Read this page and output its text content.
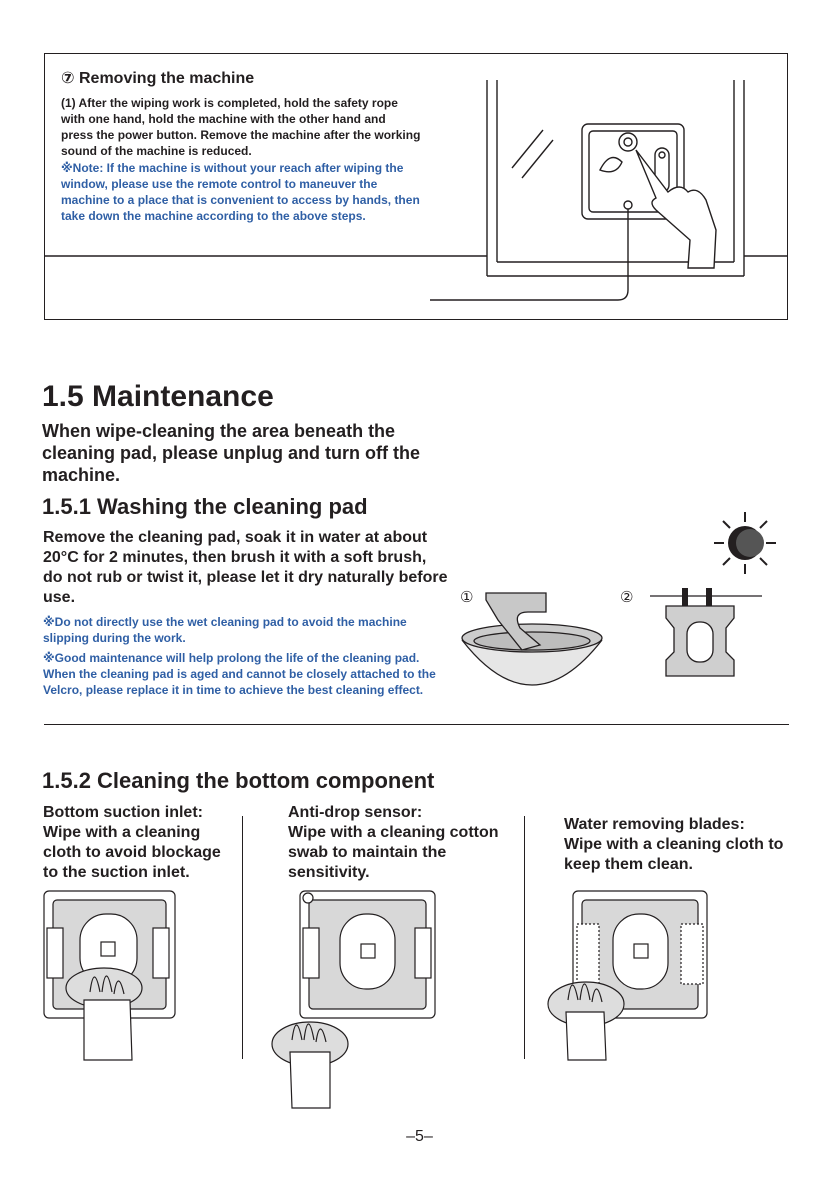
⑦ Removing the machine
(1) After the wiping work is completed, hold the safety rope with one hand, hold the machine with the other hand and press the power button. Remove the machine after the working sound of the machine is reduced.
※Note: If the machine is without your reach after wiping the window, please use the remote control to maneuver the machine to a place that is convenient to access by hands, then take down the machine according to the above steps.
1.5 Maintenance
When wipe-cleaning the area beneath the cleaning pad, please unplug and turn off the machine.
1.5.1 Washing the cleaning pad
Remove the cleaning pad, soak it in water at about 20°C for 2 minutes, then brush it with a soft brush, do not rub or twist it, please let it dry naturally before use.
※Do not directly use the wet cleaning pad to avoid the machine slipping during the work.
※Good maintenance will help prolong the life of the cleaning pad. When the cleaning pad is aged and cannot be closely attached to the Velcro, please replace it in time to achieve the best cleaning effect.
①	②
1.5.2 Cleaning the bottom component
Bottom suction inlet:
Wipe with a cleaning cloth to avoid blockage to the suction inlet.
Anti-drop sensor:
Wipe with a cleaning cotton swab to maintain the sensitivity.
Water removing blades:
Wipe with a cleaning cloth to keep them clean.
–5–
